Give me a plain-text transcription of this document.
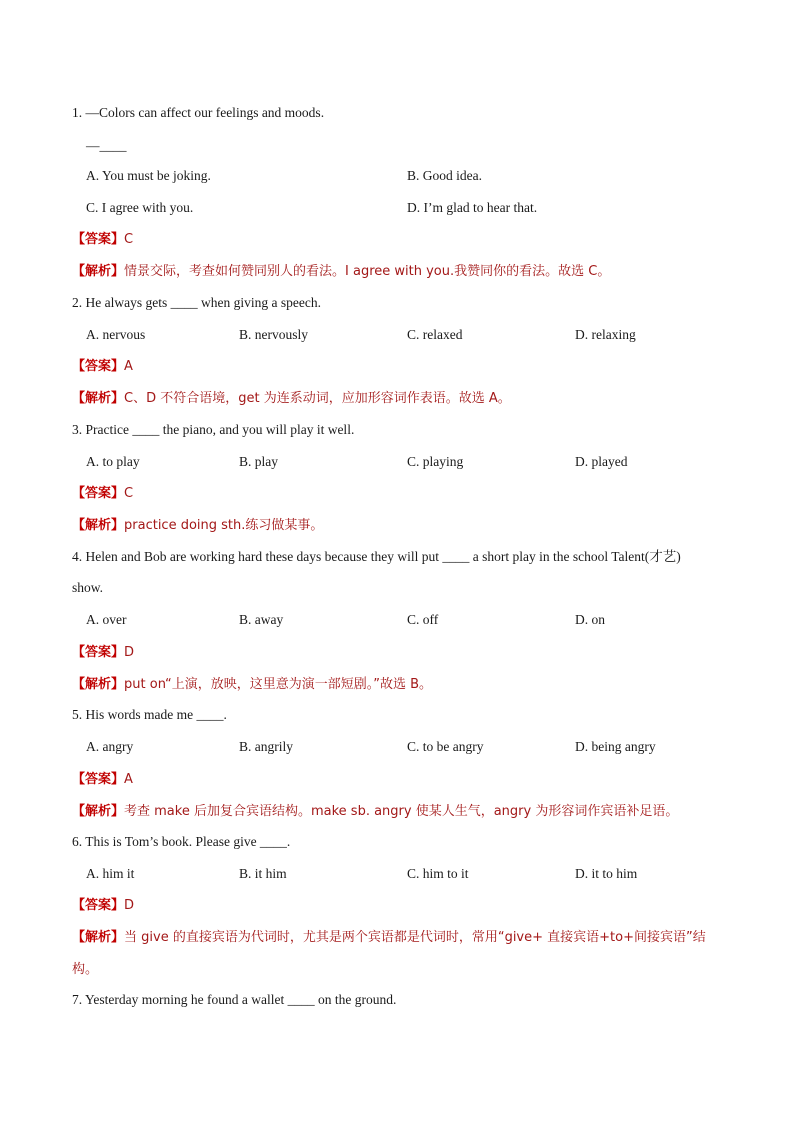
1. —Colors can affect our feelings and moods.
—____
A. You must be joking.	B. Good idea.
C. I agree with you.	D. I’m glad to hear that.
【答案】C
【解析】情景交际，考查如何赞同别人的看法。I agree with you.我赞同你的看法。故选 C。
2. He always gets ____ when giving a speech.
A. nervous	B. nervously	C. relaxed	D. relaxing
【答案】A
【解析】C、D 不符合语境，get 为连系动词，应加形容词作表语。故选 A。
3. Practice ____ the piano, and you will play it well.
A. to play	B. play	C. playing	D. played
【答案】C
【解析】practice doing sth.练习做某事。
4. Helen and Bob are working hard these days because they will put ____ a short play in the school Talent(才艺)
show.
A. over	B. away	C. off	D. on
【答案】D
【解析】put on“上演，放映，这里意为演一部短剧。”故选 B。
5. His words made me ____.
A. angry	B. angrily	C. to be angry	D. being angry
【答案】A
【解析】考查 make 后加复合宾语结构。make sb. angry 使某人生气，angry 为形容词作宾语补足语。
6. This is Tom’s book. Please give ____.
A. him it	B. it him	C. him to it	D. it to him
【答案】D
【解析】当 give 的直接宾语为代词时，尤其是两个宾语都是代词时，常用“give+ 直接宾语+to+间接宾语”结
构。
7. Yesterday morning he found a wallet ____ on the ground.
